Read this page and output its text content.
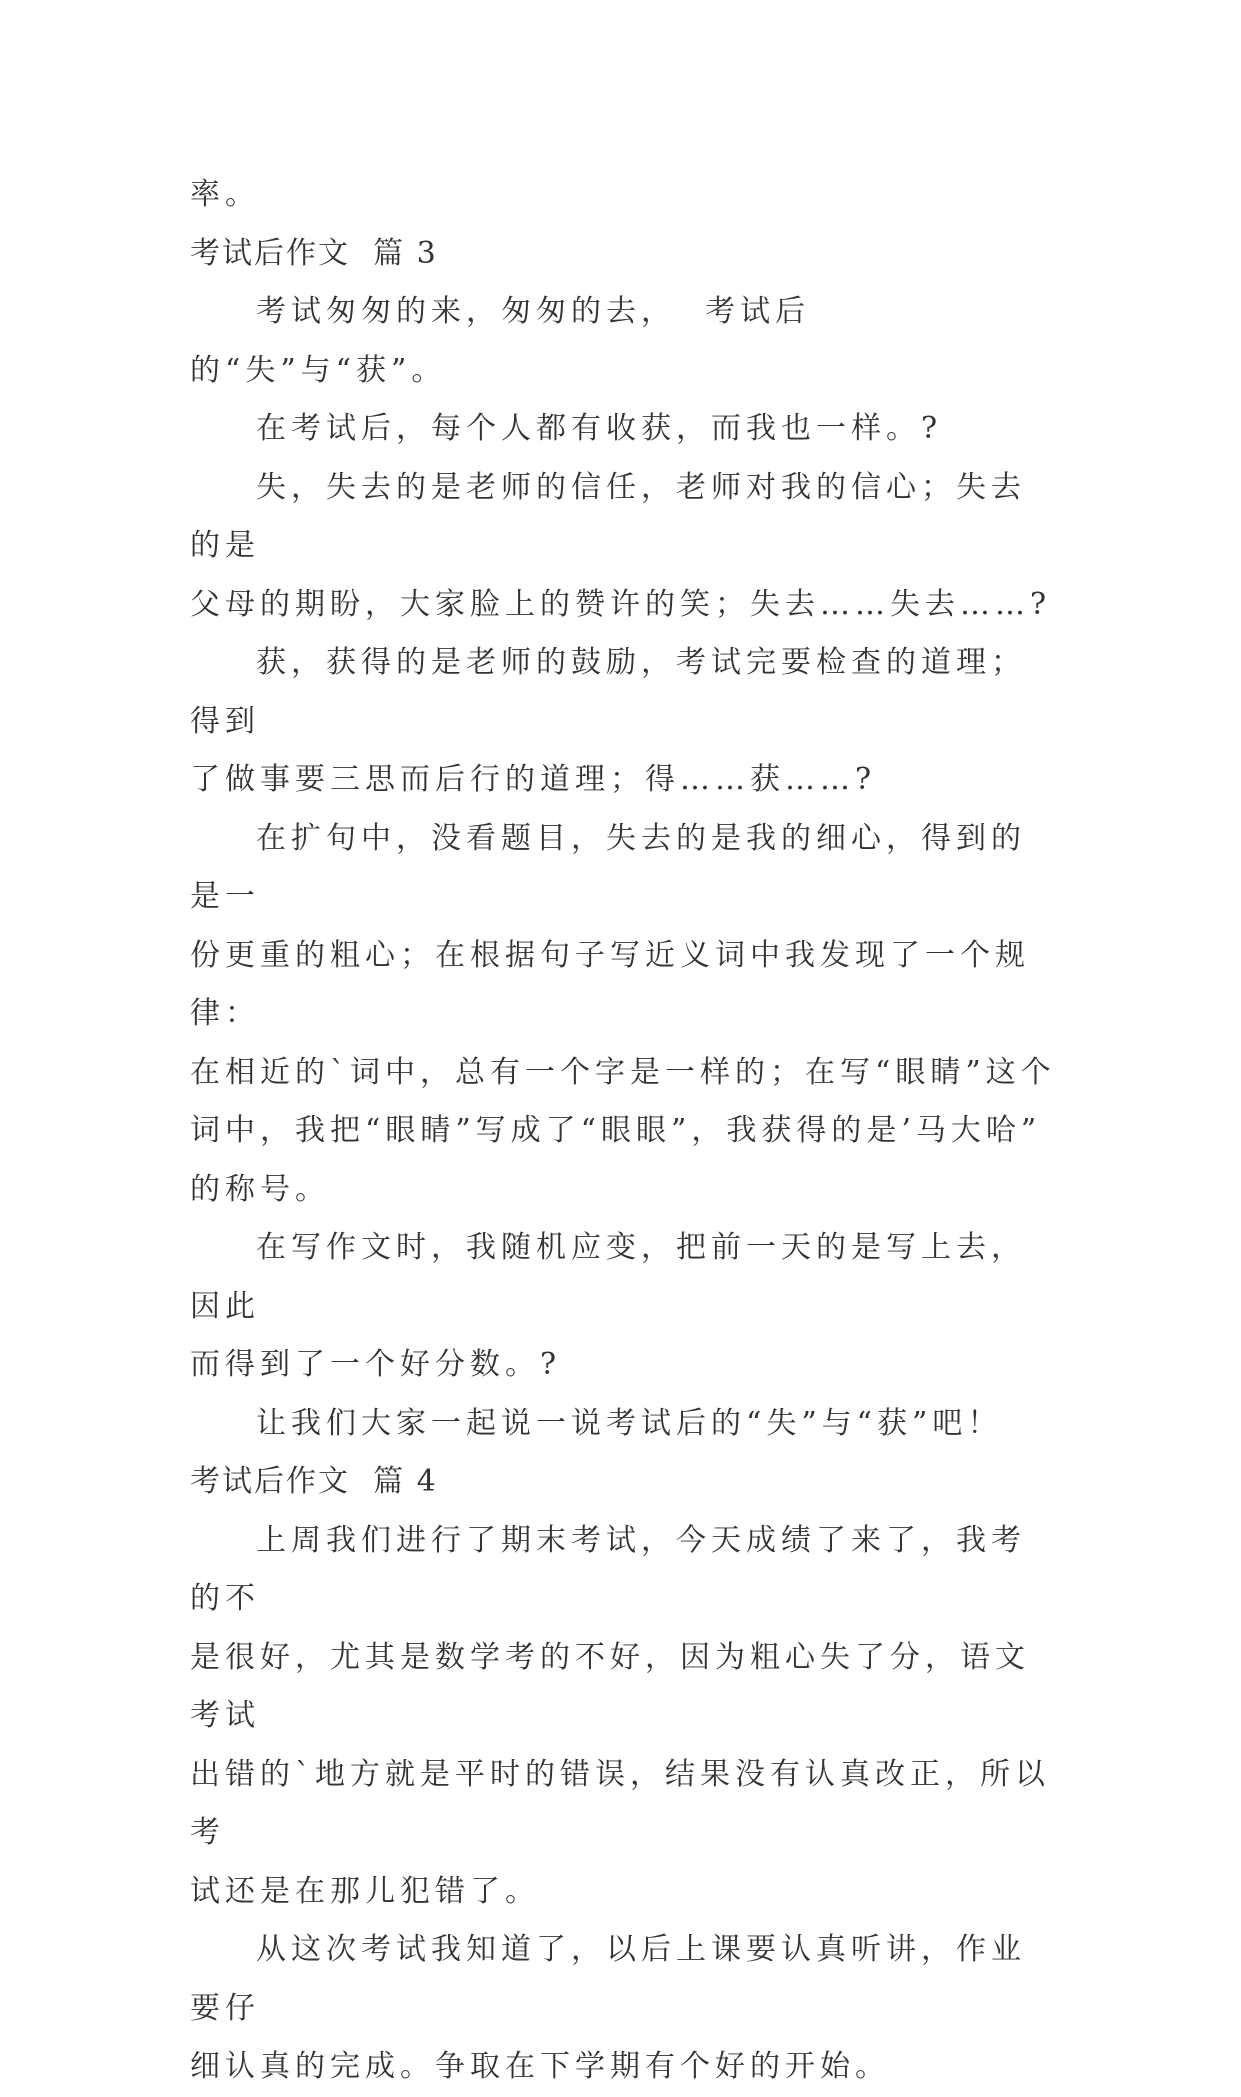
率。

考试后作文  篇 3

考试匆匆的来，匆匆的去，  考试后的“失”与“获”。

在考试后，每个人都有收获，而我也一样。?

失，失去的是老师的信任，老师对我的信心；失去的是

父母的期盼，大家脸上的赞许的笑；失去……失去……?

获，获得的是老师的鼓励，考试完要检查的道理；得到

了做事要三思而后行的道理；得……获……?

在扩句中，没看题目，失去的是我的细心，得到的是一

份更重的粗心；在根据句子写近义词中我发现了一个规律：

在相近的`词中，总有一个字是一样的；在写“眼睛”这个

词中，我把“眼睛”写成了“眼眼”，我获得的是’马大哈”

的称号。

在写作文时，我随机应变，把前一天的是写上去，因此

而得到了一个好分数。?

让我们大家一起说一说考试后的“失”与“获”吧！

考试后作文  篇 4

上周我们进行了期末考试，今天成绩了来了，我考的不

是很好，尤其是数学考的不好，因为粗心失了分，语文考试

出错的`地方就是平时的错误，结果没有认真改正，所以考

试还是在那儿犯错了。

从这次考试我知道了，以后上课要认真听讲，作业要仔

细认真的完成。争取在下学期有个好的开始。
